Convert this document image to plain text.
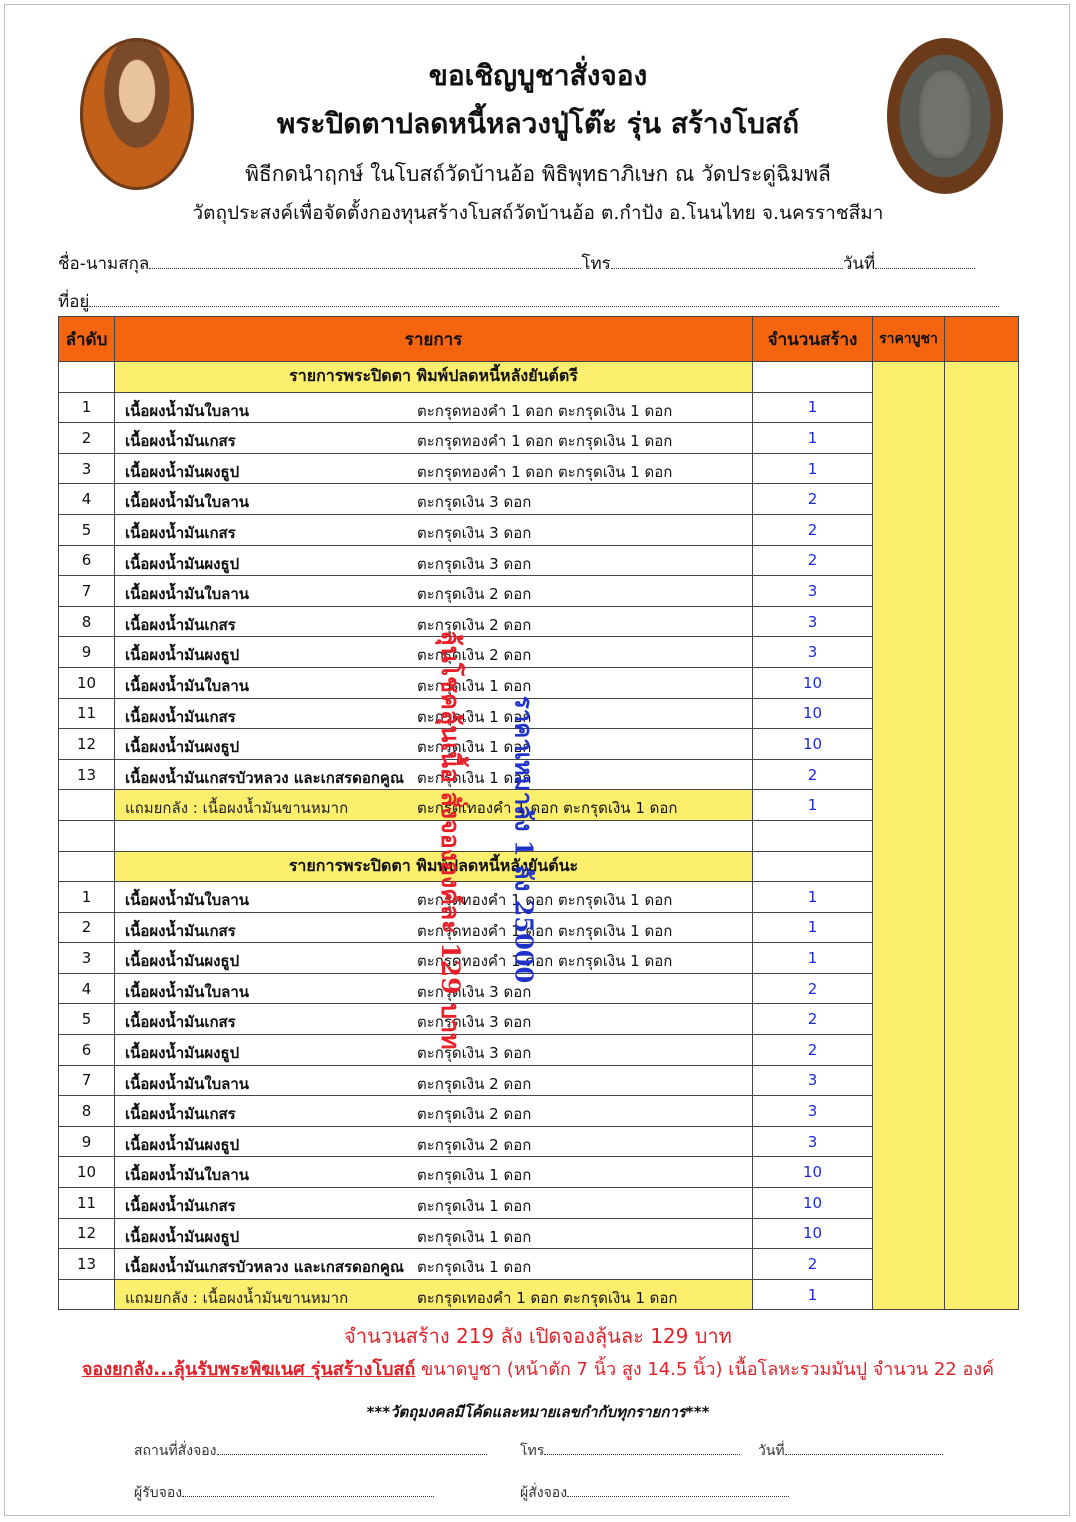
ขอเชิญบูชาสั่งจอง
พระปิดตาปลดหนี้หลวงปู่โต๊ะ รุ่น สร้างโบสถ์
พิธีกดนำฤกษ์ ในโบสถ์วัดบ้านอ้อ พิธิพุทธาภิเษก ณ วัดประดู่ฉิมพลี
วัตถุประสงค์เพื่อจัดตั้งกองทุนสร้างโบสถ์วัดบ้านอ้อ ต.กำปัง อ.โนนไทย จ.นครราชสีมา
ชื่อ-นามสกุล	โทร	วันที่
ที่อยู่
ลำดับ	รายการ	จำนวนสร้าง	ราคาบูชา	
	รายการพระปิดตา พิมพ์ปลดหนี้หลังยันต์ตรี			
1	เนื้อผงน้ำมันใบลาน ตะกรุดทองคำ 1 ดอก ตะกรุดเงิน 1 ดอก	1		
2	เนื้อผงน้ำมันเกสร ตะกรุดทองคำ 1 ดอก ตะกรุดเงิน 1 ดอก	1		
3	เนื้อผงน้ำมันผงธูป ตะกรุดทองคำ 1 ดอก ตะกรุดเงิน 1 ดอก	1		
4	เนื้อผงน้ำมันใบลาน ตะกรุดเงิน 3 ดอก	2		
5	เนื้อผงน้ำมันเกสร ตะกรุดเงิน 3 ดอก	2		
6	เนื้อผงน้ำมันผงธูป ตะกรุดเงิน 3 ดอก	2		
7	เนื้อผงน้ำมันใบลาน ตะกรุดเงิน 2 ดอก	3		
8	เนื้อผงน้ำมันเกสร ตะกรุดเงิน 2 ดอก	3		
9	เนื้อผงน้ำมันผงธูป ตะกรุดเงิน 2 ดอก	3		
10	เนื้อผงน้ำมันใบลาน ตะกรุดเงิน 1 ดอก	10		
11	เนื้อผงน้ำมันเกสร ตะกรุดเงิน 1 ดอก	10		
12	เนื้อผงน้ำมันผงธูป ตะกรุดเงิน 1 ดอก	10		
13	เนื้อผงน้ำมันเกสรบัวหลวง และเกสรดอกคูณ ตะกรุดเงิน 1 ดอก	2		

	แถมยกลัง : เนื้อผงน้ำมันขานหมาก ตะกรุดเทองคำ 1 ดอก ตะกรุดเงิน 1 ดอก	1		

	รายการพระปิดตา พิมพ์ปลดหนี้หลังยันต์นะ			
1	เนื้อผงน้ำมันใบลาน ตะกรุดทองคำ 1 ดอก ตะกรุดเงิน 1 ดอก	1		
2	เนื้อผงน้ำมันเกสร ตะกรุดทองคำ 1 ดอก ตะกรุดเงิน 1 ดอก	1		
3	เนื้อผงน้ำมันผงธูป ตะกรุดทองคำ 1 ดอก ตะกรุดเงิน 1 ดอก	1		
4	เนื้อผงน้ำมันใบลาน ตะกรุดเงิน 3 ดอก	2		
5	เนื้อผงน้ำมันเกสร ตะกรุดเงิน 3 ดอก	2		
6	เนื้อผงน้ำมันผงธูป ตะกรุดเงิน 3 ดอก	2		
7	เนื้อผงน้ำมันใบลาน ตะกรุดเงิน 2 ดอก	3		
8	เนื้อผงน้ำมันเกสร ตะกรุดเงิน 2 ดอก	3		
9	เนื้อผงน้ำมันผงธูป ตะกรุดเงิน 2 ดอก	3		
10	เนื้อผงน้ำมันใบลาน ตะกรุดเงิน 1 ดอก	10		
11	เนื้อผงน้ำมันเกสร ตะกรุดเงิน 1 ดอก	10		
12	เนื้อผงน้ำมันผงธูป ตะกรุดเงิน 1 ดอก	10		
13	เนื้อผงน้ำมันเกสรบัวหลวง และเกสรดอกคูณ ตะกรุดเงิน 1 ดอก	2		

	แถมยกลัง : เนื้อผงน้ำมันขานหมาก ตะกรุดเทองคำ 1 ดอก ตะกรุดเงิน 1 ดอก	1		
ลุ้นโชคลุ้นเนื้อ สั่งจององค์ละ 129 บาท ราคาเหมาลัง 1 ลัง 25000
จำนวนสร้าง 219 ลัง เปิดจองลุ้นละ 129 บาท
จองยกลัง...ลุ้นรับพระพิฆเนศ รุ่นสร้างโบสถ์ ขนาดบูชา (หน้าตัก 7 นิ้ว สูง 14.5 นิ้ว) เนื้อโลหะรวมมันปู จำนวน 22 องค์
***วัตถุมงคลมีโค้ดและหมายเลขกำกับทุกรายการ***
สถานที่สั่งจอง	โทร	วันที่
ผู้รับจอง	ผู้สั่งจอง
